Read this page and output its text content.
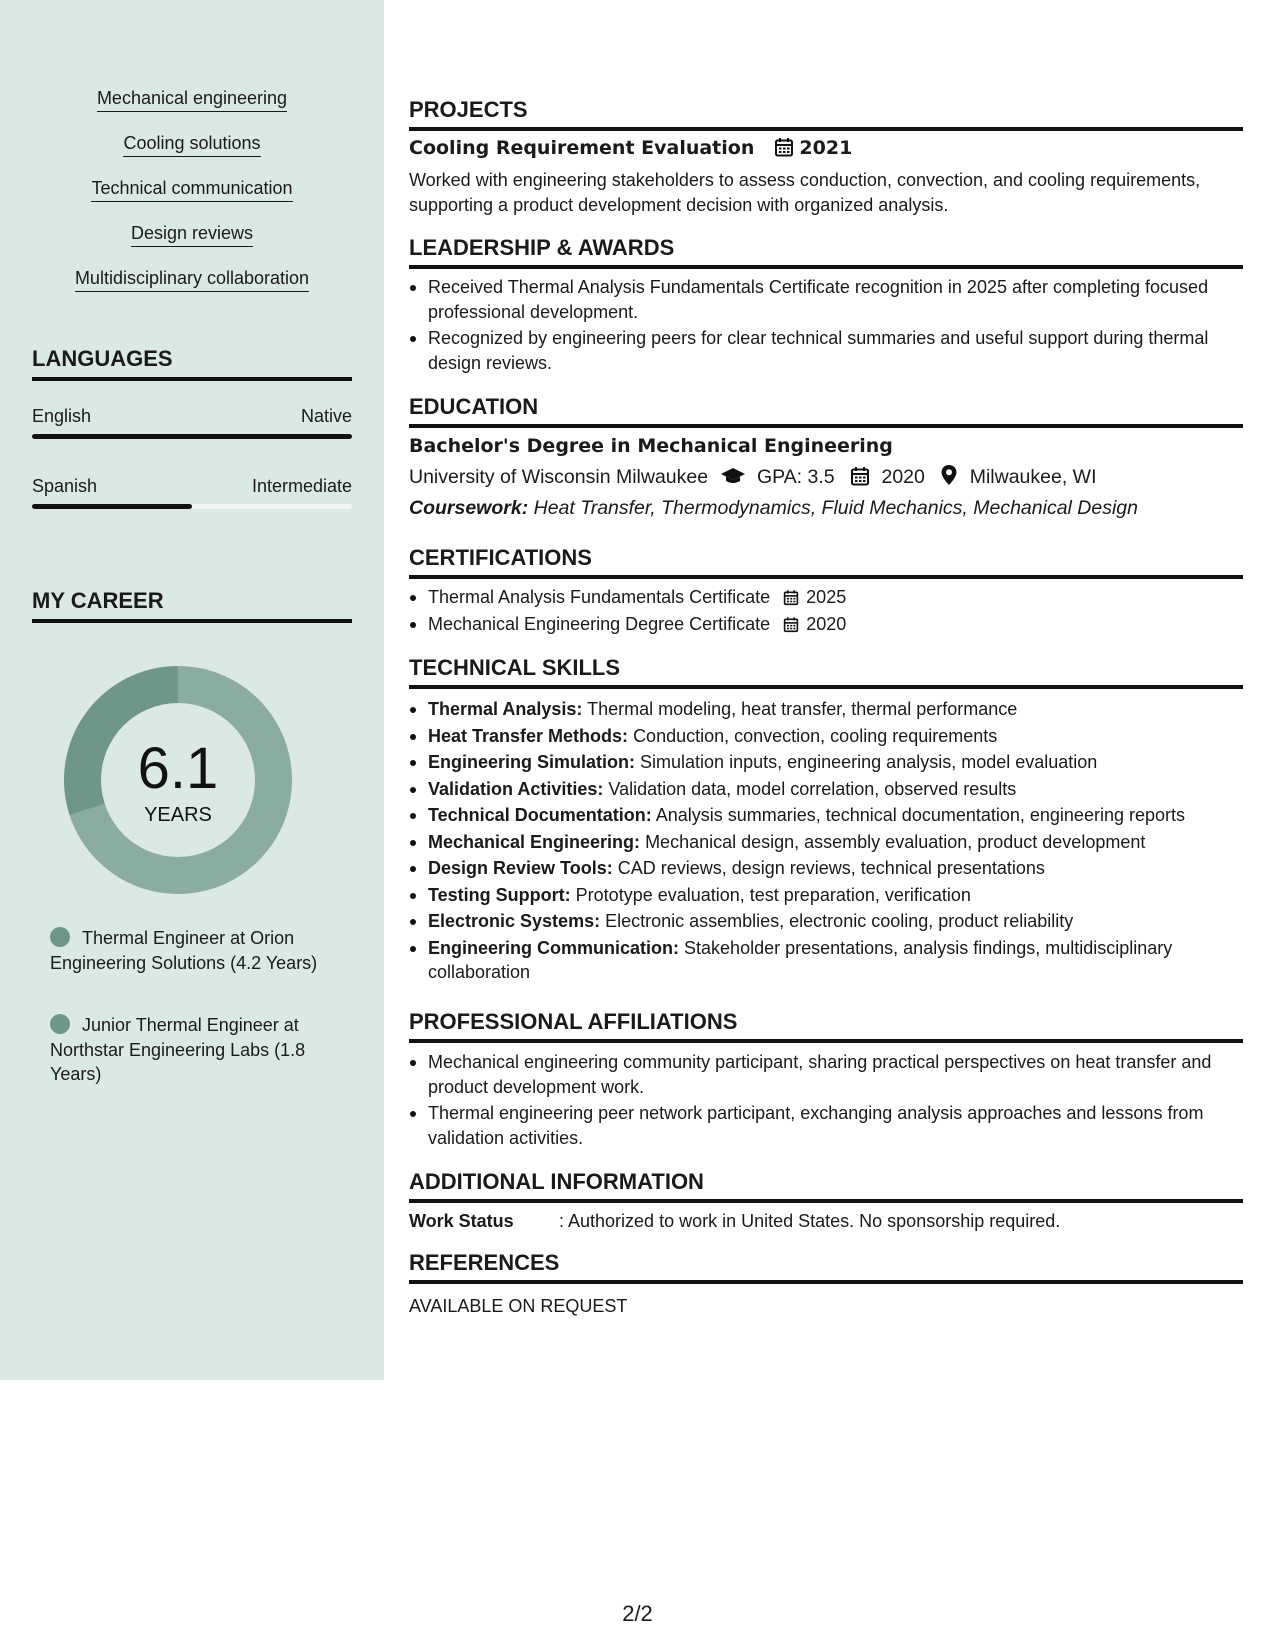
Mechanical engineering
Cooling solutions
Technical communication
Design reviews
Multidisciplinary collaboration
LANGUAGES
English	Native
Spanish	Intermediate
MY CAREER
6.1
YEARS
Thermal Engineer at Orion Engineering Solutions (4.2 Years)
Junior Thermal Engineer at Northstar Engineering Labs (1.8 Years)
PROJECTS
Cooling Requirement Evaluation 2021
Worked with engineering stakeholders to assess conduction, convection, and cooling requirements, supporting a product development decision with organized analysis.
LEADERSHIP & AWARDS
Received Thermal Analysis Fundamentals Certificate recognition in 2025 after completing focused professional development.
Recognized by engineering peers for clear technical summaries and useful support during thermal design reviews.
EDUCATION
Bachelor's Degree in Mechanical Engineering
University of Wisconsin Milwaukee	GPA: 3.5 2020 Milwaukee, WI
Coursework: Heat Transfer, Thermodynamics, Fluid Mechanics, Mechanical Design
CERTIFICATIONS
Thermal Analysis Fundamentals Certificate 2025
Mechanical Engineering Degree Certificate 2020
TECHNICAL SKILLS
Thermal Analysis: Thermal modeling, heat transfer, thermal performance
Heat Transfer Methods: Conduction, convection, cooling requirements
Engineering Simulation: Simulation inputs, engineering analysis, model evaluation
Validation Activities: Validation data, model correlation, observed results
Technical Documentation: Analysis summaries, technical documentation, engineering reports
Mechanical Engineering: Mechanical design, assembly evaluation, product development
Design Review Tools: CAD reviews, design reviews, technical presentations
Testing Support: Prototype evaluation, test preparation, verification
Electronic Systems: Electronic assemblies, electronic cooling, product reliability
Engineering Communication: Stakeholder presentations, analysis findings, multidisciplinary collaboration
PROFESSIONAL AFFILIATIONS
Mechanical engineering community participant, sharing practical perspectives on heat transfer and product development work.
Thermal engineering peer network participant, exchanging analysis approaches and lessons from validation activities.
ADDITIONAL INFORMATION
Work Status	: Authorized to work in United States. No sponsorship required.
REFERENCES
AVAILABLE ON REQUEST
2/2
